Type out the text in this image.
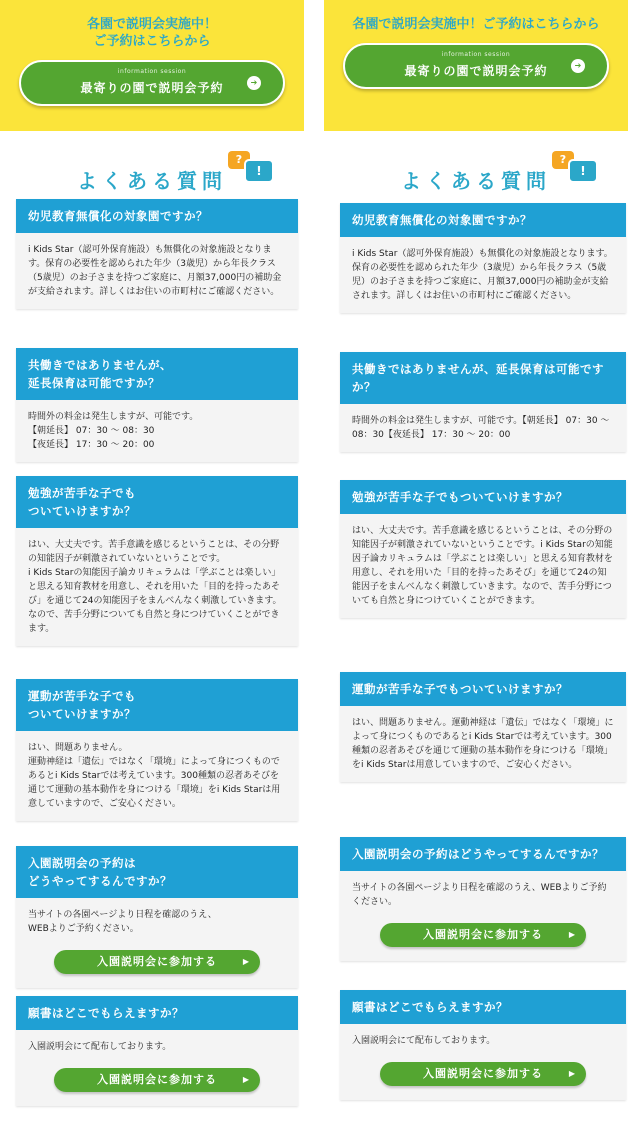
各園で説明会実施中！
ご予約はこちらから
information session
最寄りの園で説明会予約	➔
よくある質問
?
!
幼児教育無償化の対象園ですか？
i Kids Star（認可外保育施設）も無償化の対象施設となります。保育の必要性を認められた年少（3歳児）から年長クラス（5歳児）のお子さまを持つご家庭に、月額37,000円の補助金が支給されます。詳しくはお住いの市町村にご確認ください。
共働きではありませんが、
延長保育は可能ですか？
時間外の料金は発生しますが、可能です。
【朝延長】 07：30 〜 08：30
【夜延長】 17：30 〜 20：00
勉強が苦手な子でも
ついていけますか？
はい、大丈夫です。苦手意識を感じるということは、その分野の知能因子が刺激されていないということです。
i Kids Starの知能因子論カリキュラムは「学ぶことは楽しい」と思える知育教材を用意し、それを用いた「目的を持ったあそび」を通じて24の知能因子をまんべんなく刺激していきます。
なので、苦手分野についても自然と身につけていくことができます。
運動が苦手な子でも
ついていけますか？
はい、問題ありません。
運動神経は「遺伝」ではなく「環境」によって身につくものであるとi Kids Starでは考えています。300種類の忍者あそびを通じて運動の基本動作を身につける「環境」をi Kids Starは用意していますので、ご安心ください。
入園説明会の予約は
どうやってするんですか？
当サイトの各園ページより日程を確認のうえ、
WEBよりご予約ください。
入園説明会に参加する	▶
願書はどこでもらえますか？
入園説明会にて配布しております。
入園説明会に参加する	▶
各園で説明会実施中！ご予約はこちらから
information session
最寄りの園で説明会予約	➔
よくある質問
?
!
幼児教育無償化の対象園ですか？
i Kids Star（認可外保育施設）も無償化の対象施設となります。保育の必要性を認められた年少（3歳児）から年長クラス（5歳児）のお子さまを持つご家庭に、月額37,000円の補助金が支給されます。詳しくはお住いの市町村にご確認ください。
共働きではありませんが、延長保育は可能ですか？
時間外の料金は発生しますが、可能です。【朝延長】 07：30 〜 08：30【夜延長】 17：30 〜 20：00
勉強が苦手な子でもついていけますか？
はい、大丈夫です。苦手意識を感じるということは、その分野の知能因子が刺激されていないということです。i Kids Starの知能因子論カリキュラムは「学ぶことは楽しい」と思える知育教材を用意し、それを用いた「目的を持ったあそび」を通じて24の知能因子をまんべんなく刺激していきます。なので、苦手分野についても自然と身につけていくことができます。
運動が苦手な子でもついていけますか？
はい、問題ありません。運動神経は「遺伝」ではなく「環境」によって身につくものであるとi Kids Starでは考えています。300種類の忍者あそびを通じて運動の基本動作を身につける「環境」をi Kids Starは用意していますので、ご安心ください。
入園説明会の予約はどうやってするんですか？
当サイトの各園ページより日程を確認のうえ、WEBよりご予約ください。
入園説明会に参加する	▶
願書はどこでもらえますか？
入園説明会にて配布しております。
入園説明会に参加する	▶
